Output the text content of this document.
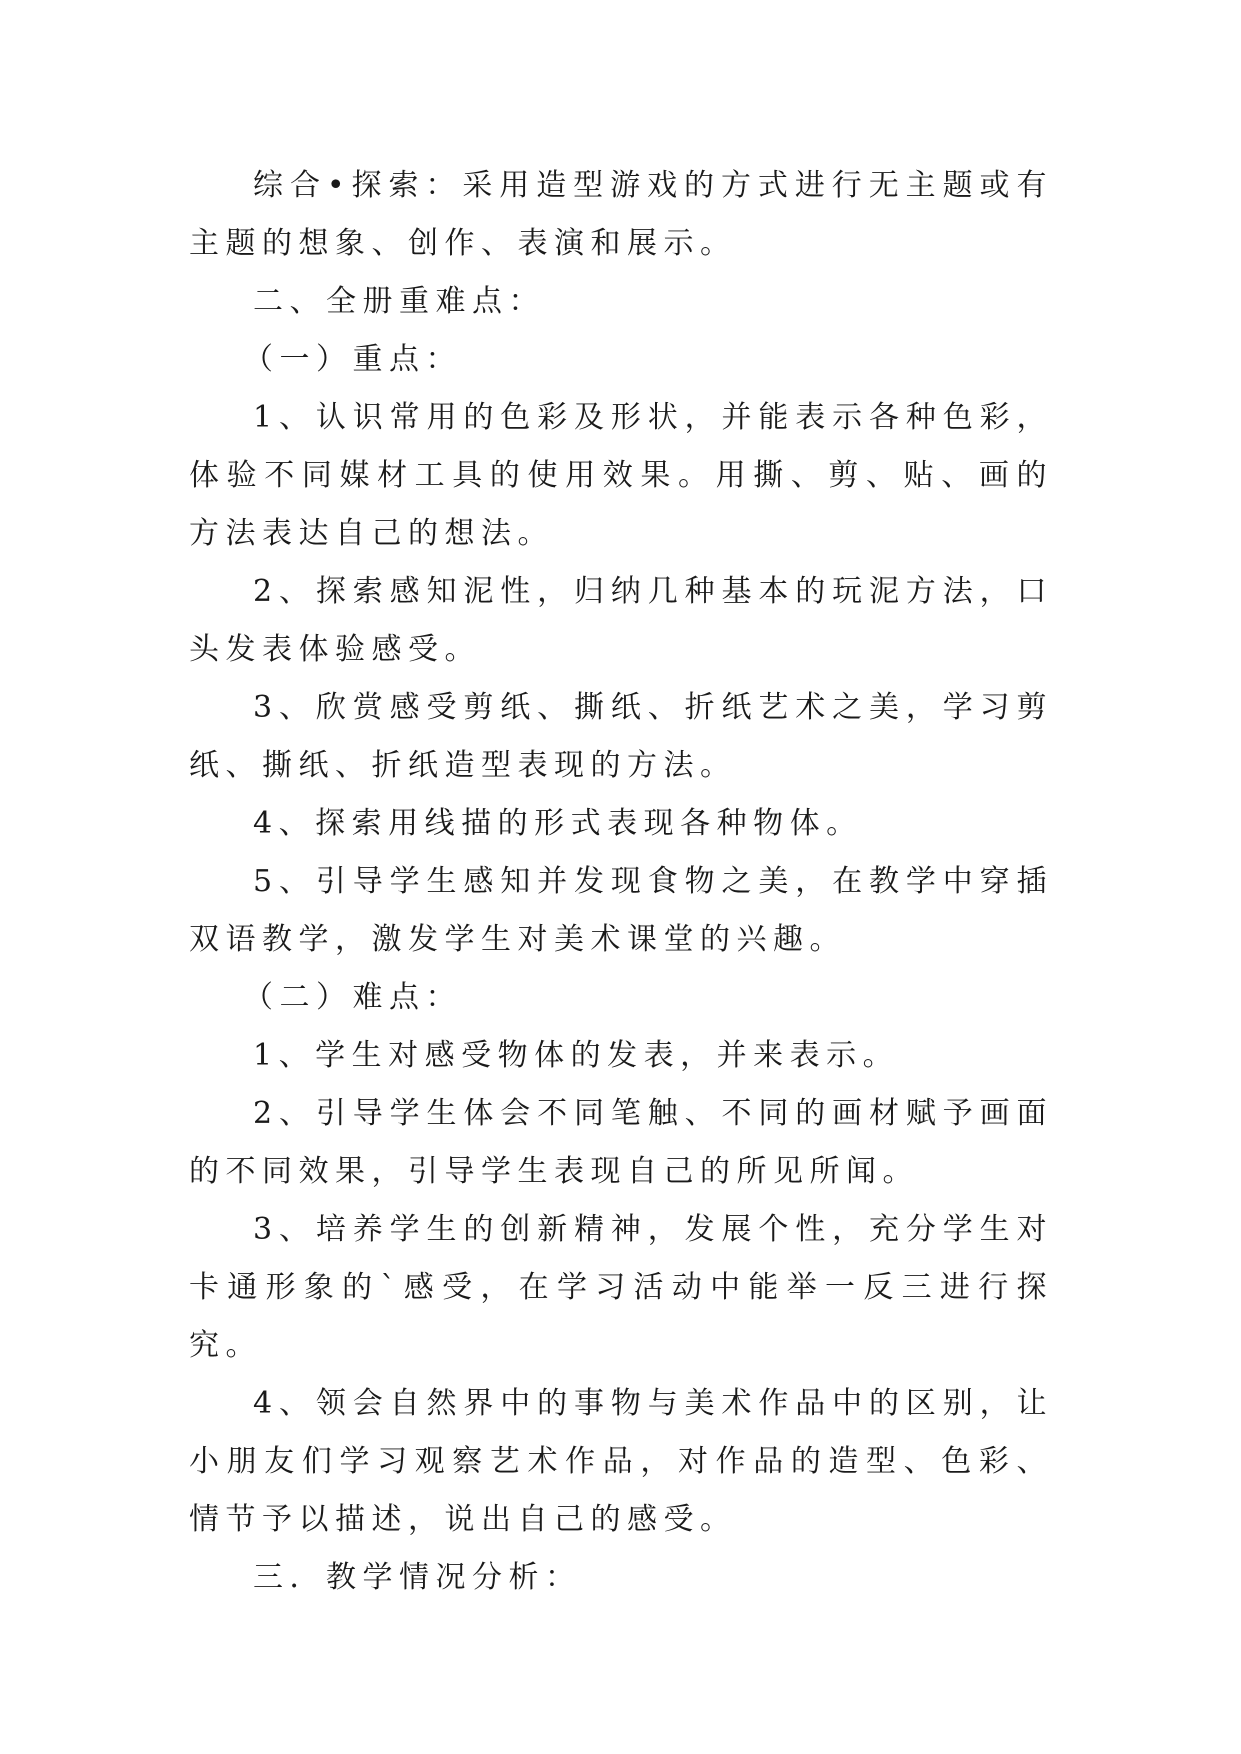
综合•探索：采用造型游戏的方式进行无主题或有主题的想象、创作、表演和展示。

二、全册重难点：

（一）重点：

1、认识常用的色彩及形状，并能表示各种色彩，体验不同媒材工具的使用效果。用撕、剪、贴、画的方法表达自己的想法。

2、探索感知泥性，归纳几种基本的玩泥方法，口头发表体验感受。

3、欣赏感受剪纸、撕纸、折纸艺术之美，学习剪纸、撕纸、折纸造型表现的方法。

4、探索用线描的形式表现各种物体。

5、引导学生感知并发现食物之美，在教学中穿插双语教学，激发学生对美术课堂的兴趣。

（二）难点：

1、学生对感受物体的发表，并来表示。

2、引导学生体会不同笔触、不同的画材赋予画面的不同效果，引导学生表现自己的所见所闻。

3、培养学生的创新精神，发展个性，充分学生对卡通形象的`感受，在学习活动中能举一反三进行探究。

4、领会自然界中的事物与美术作品中的区别，让小朋友们学习观察艺术作品，对作品的造型、色彩、情节予以描述，说出自己的感受。

三．教学情况分析：
